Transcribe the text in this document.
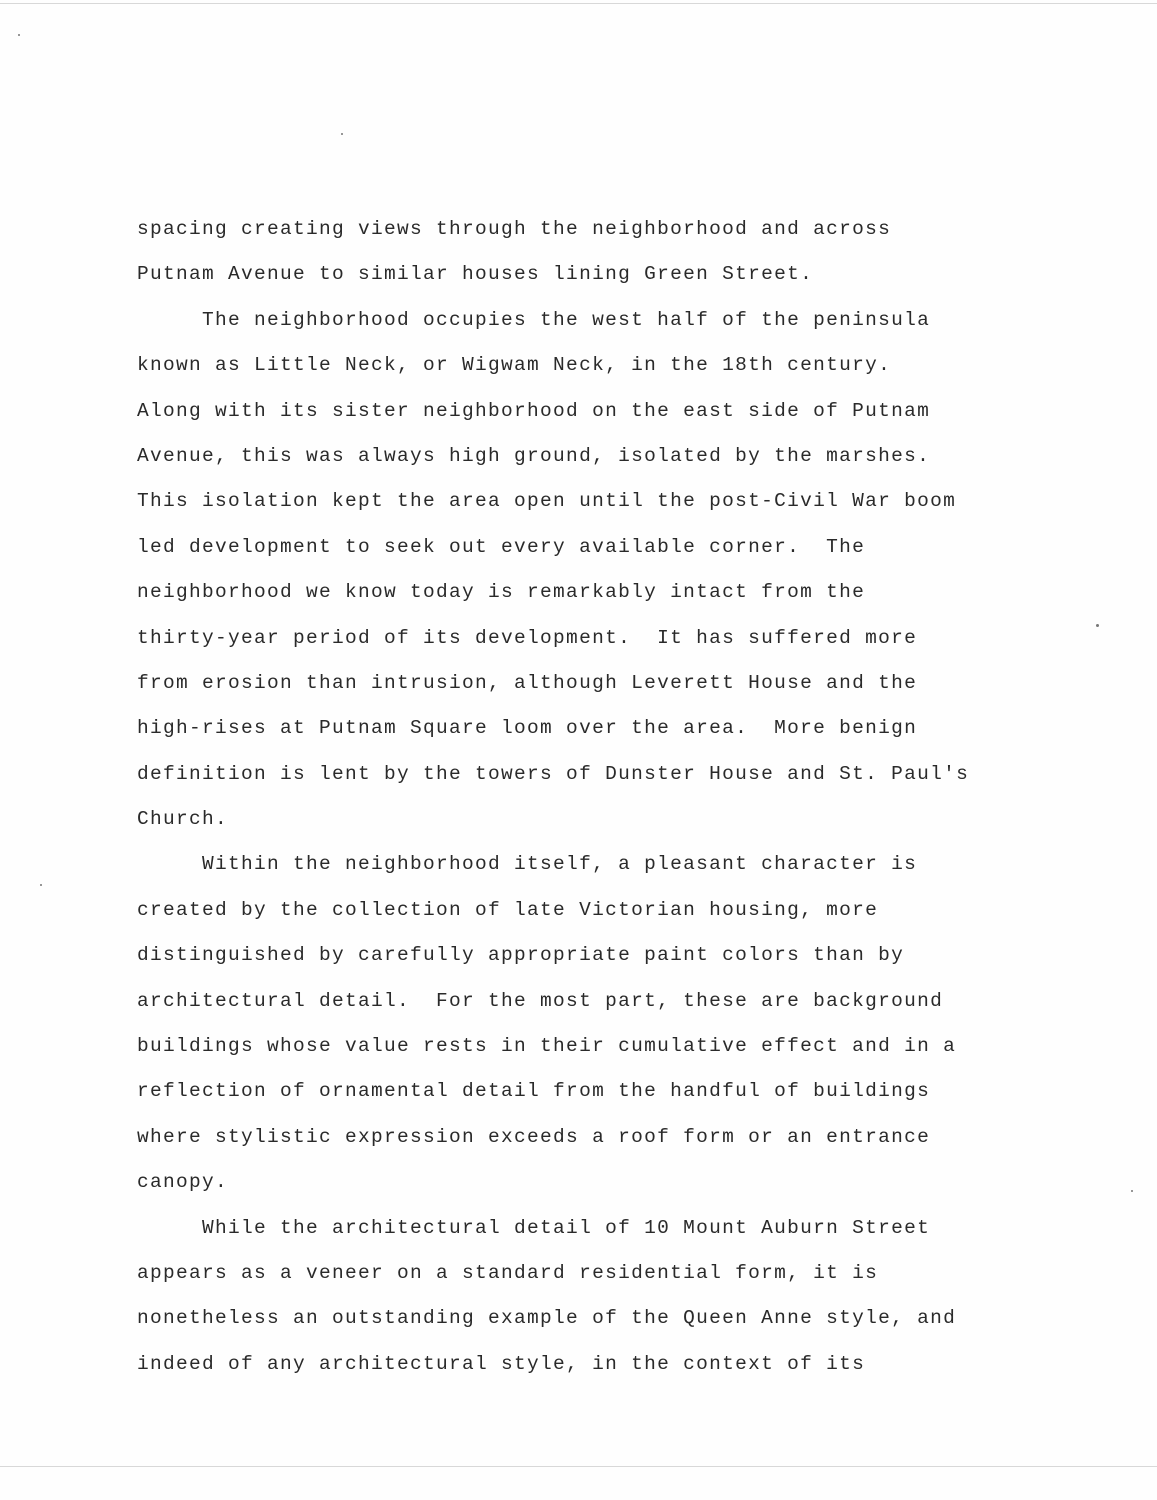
spacing creating views through the neighborhood and across
Putnam Avenue to similar houses lining Green Street.
The neighborhood occupies the west half of the peninsula
known as Little Neck, or Wigwam Neck, in the 18th century.
Along with its sister neighborhood on the east side of Putnam
Avenue, this was always high ground, isolated by the marshes.
This isolation kept the area open until the post-Civil War boom
led development to seek out every available corner.  The
neighborhood we know today is remarkably intact from the
thirty-year period of its development.  It has suffered more
from erosion than intrusion, although Leverett House and the
high-rises at Putnam Square loom over the area.  More benign
definition is lent by the towers of Dunster House and St. Paul's
Church.
Within the neighborhood itself, a pleasant character is
created by the collection of late Victorian housing, more
distinguished by carefully appropriate paint colors than by
architectural detail.  For the most part, these are background
buildings whose value rests in their cumulative effect and in a
reflection of ornamental detail from the handful of buildings
where stylistic expression exceeds a roof form or an entrance
canopy.
While the architectural detail of 10 Mount Auburn Street
appears as a veneer on a standard residential form, it is
nonetheless an outstanding example of the Queen Anne style, and
indeed of any architectural style, in the context of its
